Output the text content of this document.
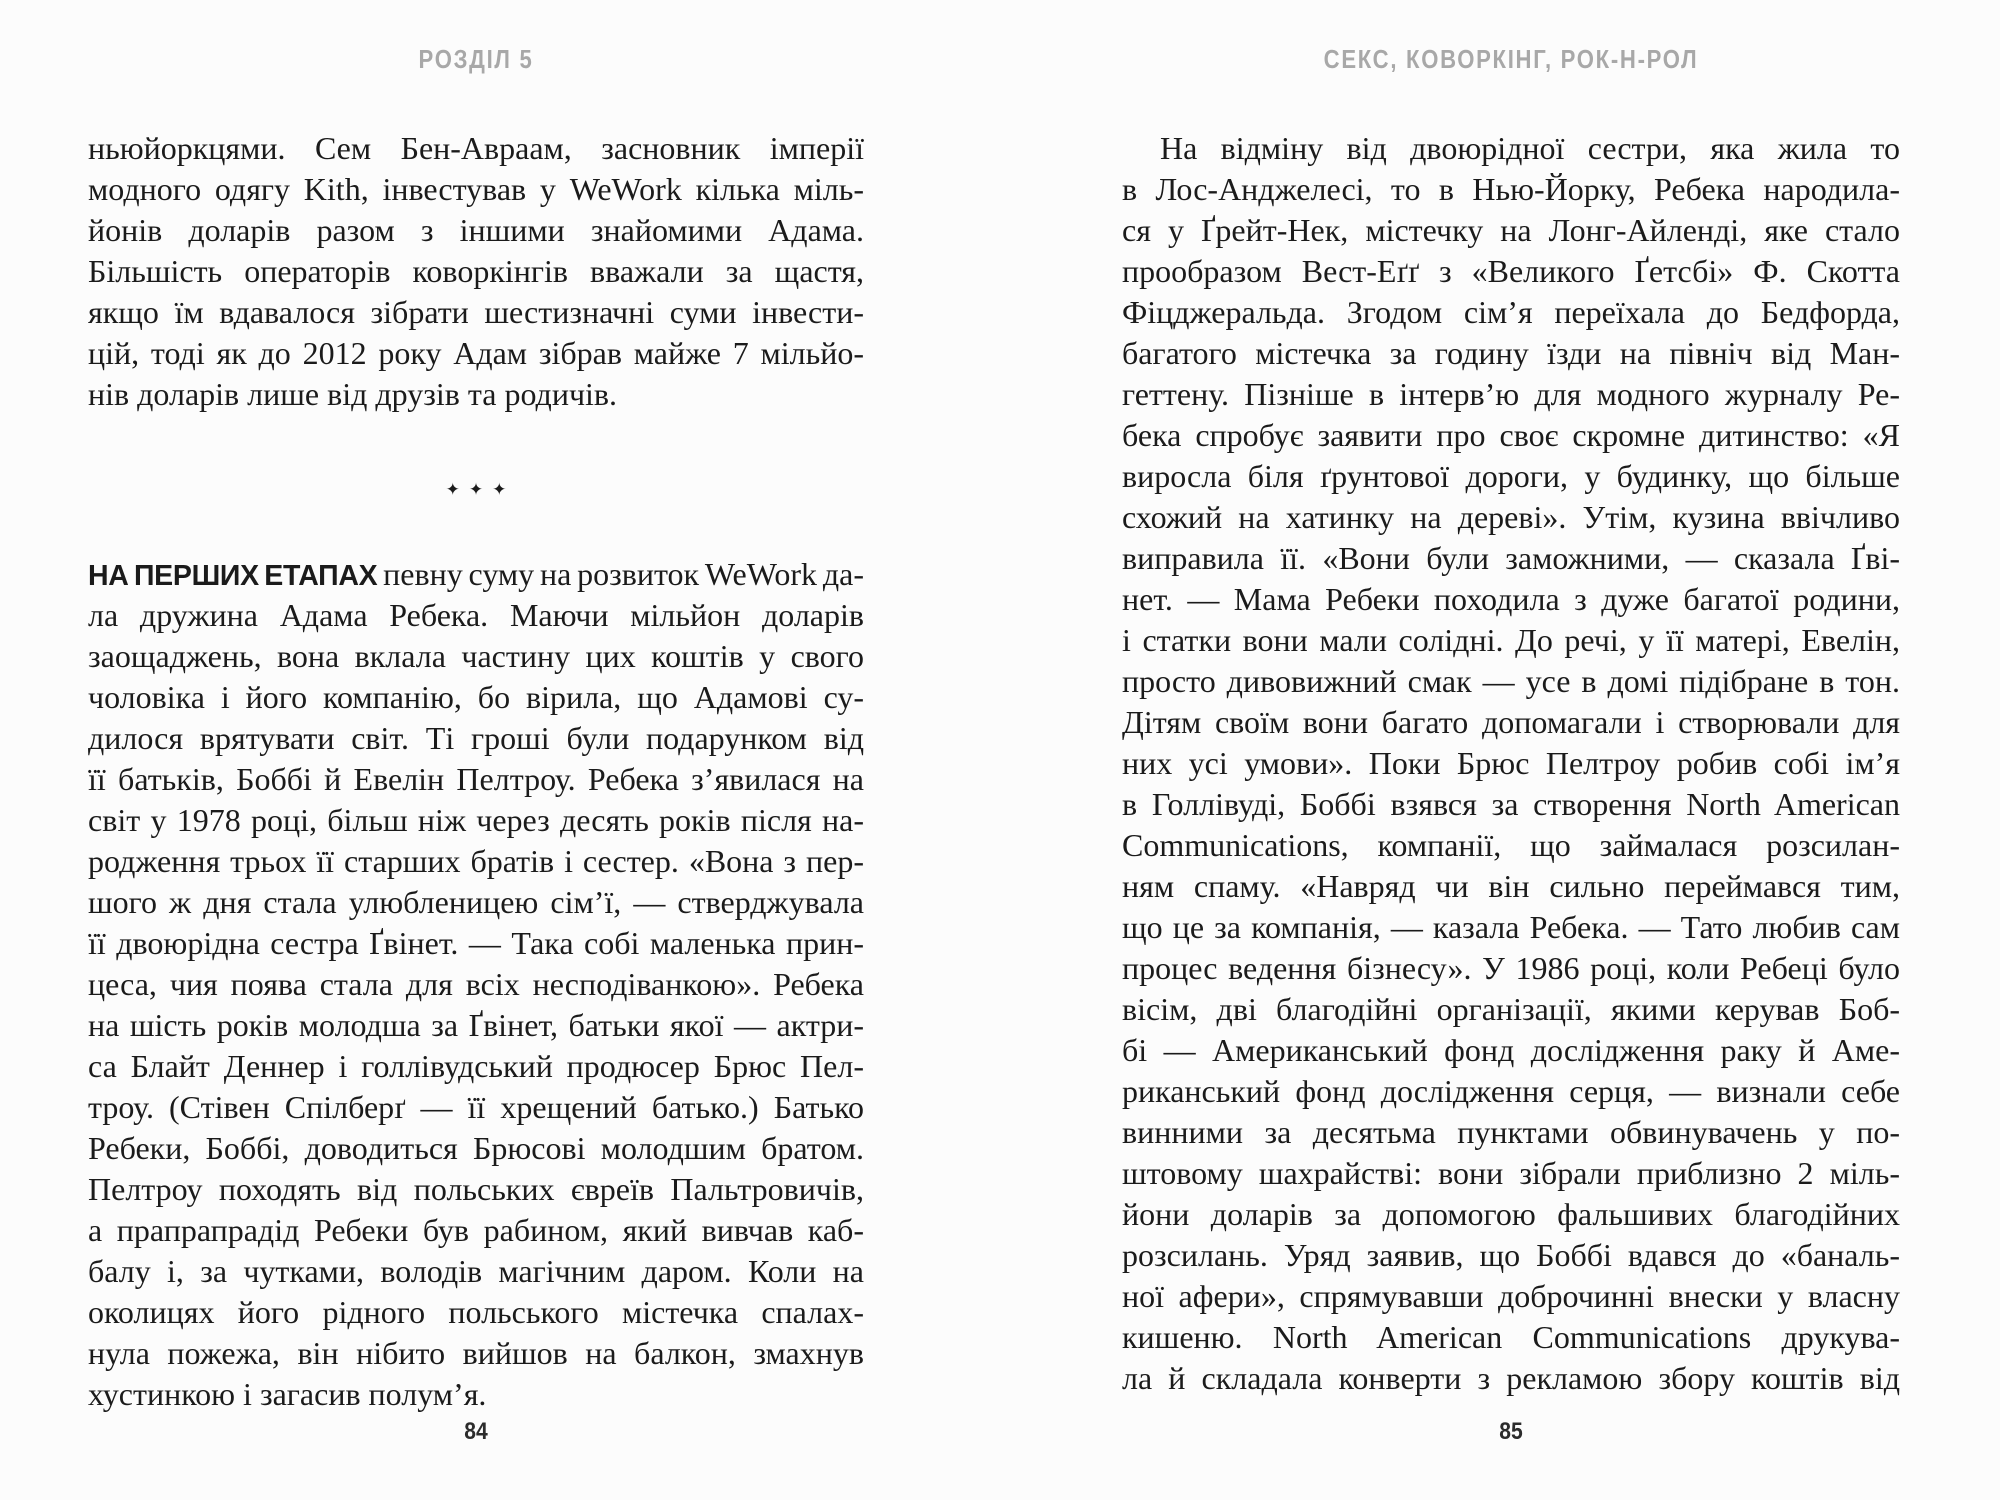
РОЗДІЛ 5
ньюйоркцями. Сем Бен-Авраам, засновник імперії
модного одягу Kith, інвестував у WeWork кілька міль-
йонів доларів разом з іншими знайомими Адама.
Більшість операторів коворкінгів вважали за щастя,
якщо їм вдавалося зібрати шестизначні суми інвести-
цій, тоді як до 2012 року Адам зібрав майже 7 мільйо-
нів доларів лише від друзів та родичів.
✦✦✦
НА ПЕРШИХ ЕТАПАХ певну суму на розвиток WeWork да-
ла дружина Адама Ребека. Маючи мільйон доларів
заощаджень, вона вклала частину цих коштів у свого
чоловіка і його компанію, бо вірила, що Адамові су-
дилося врятувати світ. Ті гроші були подарунком від
її батьків, Боббі й Евелін Пелтроу. Ребека з’явилася на
світ у 1978 році, більш ніж через десять років після на-
родження трьох її старших братів і сестер. «Вона з пер-
шого ж дня стала улюбленицею сім’ї, — стверджувала
її двоюрідна сестра Ґвінет. — Така собі маленька прин-
цеса, чия поява стала для всіх несподіванкою». Ребека
на шість років молодша за Ґвінет, батьки якої — актри-
са Блайт Деннер і голлівудський продюсер Брюс Пел-
троу. (Стівен Спілберґ — її хрещений батько.) Батько
Ребеки, Боббі, доводиться Брюсові молодшим братом.
Пелтроу походять від польських євреїв Пальтровичів,
а прапрапрадід Ребеки був рабином, який вивчав каб-
балу і, за чутками, володів магічним даром. Коли на
околицях його рідного польського містечка спалах-
нула пожежа, він нібито вийшов на балкон, змахнув
хустинкою і загасив полум’я.
84
СЕКС, КОВОРКІНГ, РОК-Н-РОЛ
На відміну від двоюрідної сестри, яка жила то
в Лос-Анджелесі, то в Нью-Йорку, Ребека народила-
ся у Ґрейт-Нек, містечку на Лонг-Айленді, яке стало
прообразом Вест-Еґґ з «Великого Ґетсбі» Ф. Скотта
Фіцджеральда. Згодом сім’я переїхала до Бедфорда,
багатого містечка за годину їзди на північ від Ман-
геттену. Пізніше в інтерв’ю для модного журналу Ре-
бека спробує заявити про своє скромне дитинство: «Я
виросла біля ґрунтової дороги, у будинку, що більше
схожий на хатинку на дереві». Утім, кузина ввічливо
виправила її. «Вони були заможними, — сказала Ґві-
нет. — Мама Ребеки походила з дуже багатої родини,
і статки вони мали солідні. До речі, у її матері, Евелін,
просто дивовижний смак — усе в домі підібране в тон.
Дітям своїм вони багато допомагали і створювали для
них усі умови». Поки Брюс Пелтроу робив собі ім’я
в Голлівуді, Боббі взявся за створення North American
Communications, компанії, що займалася розсилан-
ням спаму. «Навряд чи він сильно переймався тим,
що це за компанія, — казала Ребека. — Тато любив сам
процес ведення бізнесу». У 1986 році, коли Ребеці було
вісім, дві благодійні організації, якими керував Боб-
бі — Американський фонд дослідження раку й Аме-
риканський фонд дослідження серця, — визнали себе
винними за десятьма пунктами обвинувачень у по-
штовому шахрайстві: вони зібрали приблизно 2 міль-
йони доларів за допомогою фальшивих благодійних
розсилань. Уряд заявив, що Боббі вдався до «баналь-
ної афери», спрямувавши доброчинні внески у власну
кишеню. North American Communications друкува-
ла й складала конверти з рекламою збору коштів від
85
